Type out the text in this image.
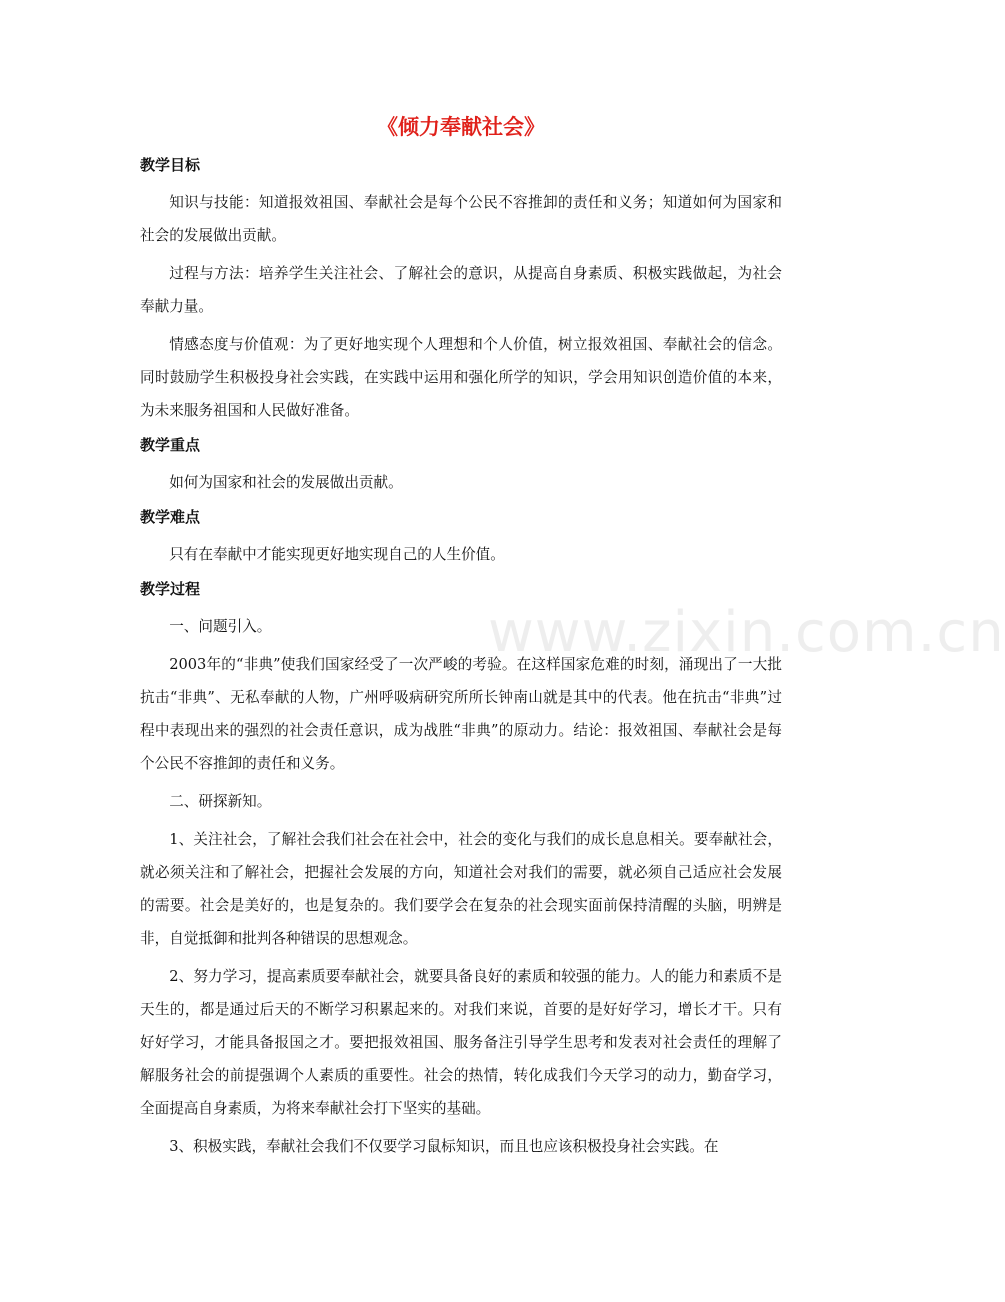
www.zixin.com.cn
《倾力奉献社会》
教学目标

知识与技能：知道报效祖国、奉献社会是每个公民不容推卸的责任和义务；知道如何为国家和社会的发展做出贡献。

过程与方法：培养学生关注社会、了解社会的意识，从提高自身素质、积极实践做起，为社会奉献力量。

情感态度与价值观：为了更好地实现个人理想和个人价值，树立报效祖国、奉献社会的信念。同时鼓励学生积极投身社会实践，在实践中运用和强化所学的知识，学会用知识创造价值的本来，为未来服务祖国和人民做好准备。

教学重点

如何为国家和社会的发展做出贡献。

教学难点

只有在奉献中才能实现更好地实现自己的人生价值。

教学过程

一、问题引入。

2003年的“非典”使我们国家经受了一次严峻的考验。在这样国家危难的时刻，涌现出了一大批抗击“非典”、无私奉献的人物，广州呼吸病研究所所长钟南山就是其中的代表。他在抗击“非典”过程中表现出来的强烈的社会责任意识，成为战胜“非典”的原动力。结论：报效祖国、奉献社会是每个公民不容推卸的责任和义务。

二、研探新知。

1、关注社会，了解社会我们社会在社会中，社会的变化与我们的成长息息相关。要奉献社会，就必须关注和了解社会，把握社会发展的方向，知道社会对我们的需要，就必须自己适应社会发展的需要。社会是美好的，也是复杂的。我们要学会在复杂的社会现实面前保持清醒的头脑，明辨是非，自觉抵御和批判各种错误的思想观念。

2、努力学习，提高素质要奉献社会，就要具备良好的素质和较强的能力。人的能力和素质不是天生的，都是通过后天的不断学习积累起来的。对我们来说，首要的是好好学习，增长才干。只有好好学习，才能具备报国之才。要把报效祖国、服务备注引导学生思考和发表对社会责任的理解了解服务社会的前提强调个人素质的重要性。社会的热情，转化成我们今天学习的动力，勤奋学习，全面提高自身素质，为将来奉献社会打下坚实的基础。

3、积极实践，奉献社会我们不仅要学习鼠标知识，而且也应该积极投身社会实践。在
